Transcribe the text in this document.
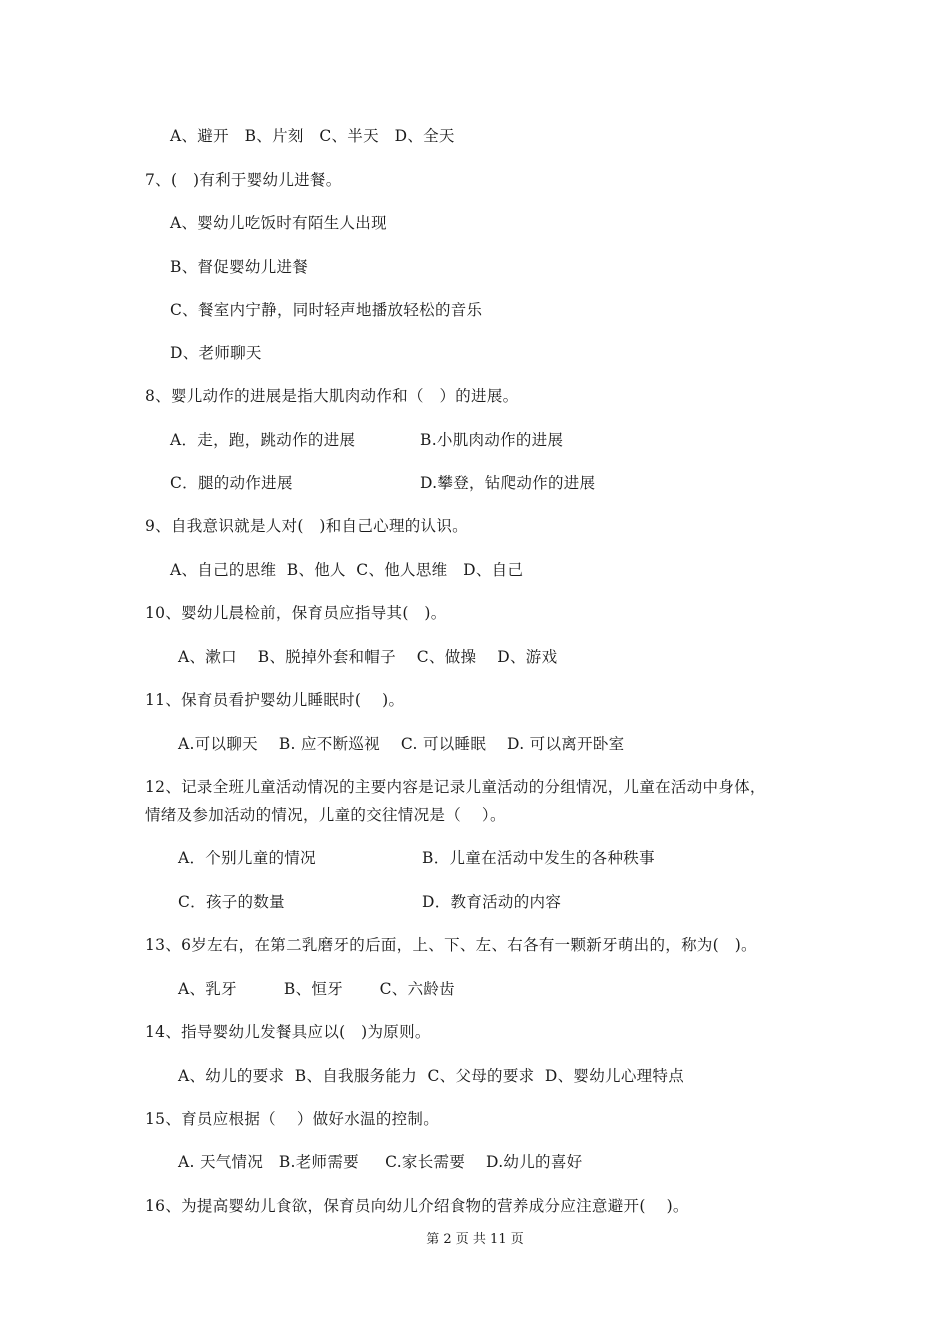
A、避开   B、片刻   C、半天   D、全天
7、(   )有利于婴幼儿进餐。
A、婴幼儿吃饭时有陌生人出现
B、督促婴幼儿进餐
C、餐室内宁静，同时轻声地播放轻松的音乐
D、老师聊天
8、婴儿动作的进展是指大肌肉动作和（   ）的进展。
A．走，跑，跳动作的进展	B.小肌肉动作的进展
C．腿的动作进展	D.攀登，钻爬动作的进展
9、自我意识就是人对(   )和自己心理的认识。
A、自己的思维  B、他人  C、他人思维   D、自己
10、婴幼儿晨检前，保育员应指导其(   )。
A、漱口    B、脱掉外套和帽子    C、做操    D、游戏
11、保育员看护婴幼儿睡眠时(    )。
A.可以聊天    B. 应不断巡视    C. 可以睡眠    D. 可以离开卧室
12、记录全班儿童活动情况的主要内容是记录儿童活动的分组情况，儿童在活动中身体，
情绪及参加活动的情况，儿童的交往情况是（    ）。
A．个别儿童的情况	B．儿童在活动中发生的各种秩事
C．孩子的数量	D．教育活动的内容
13、6岁左右，在第二乳磨牙的后面，上、下、左、右各有一颗新牙萌出的，称为(   )。
A、乳牙         B、恒牙       C、六龄齿
14、指导婴幼儿发餐具应以(   )为原则。
A、幼儿的要求  B、自我服务能力  C、父母的要求  D、婴幼儿心理特点
15、育员应根据（    ）做好水温的控制。
A. 天气情况   B.老师需要     C.家长需要    D.幼儿的喜好
16、为提高婴幼儿食欲，保育员向幼儿介绍食物的营养成分应注意避开(    )。
第 2 页 共 11 页
